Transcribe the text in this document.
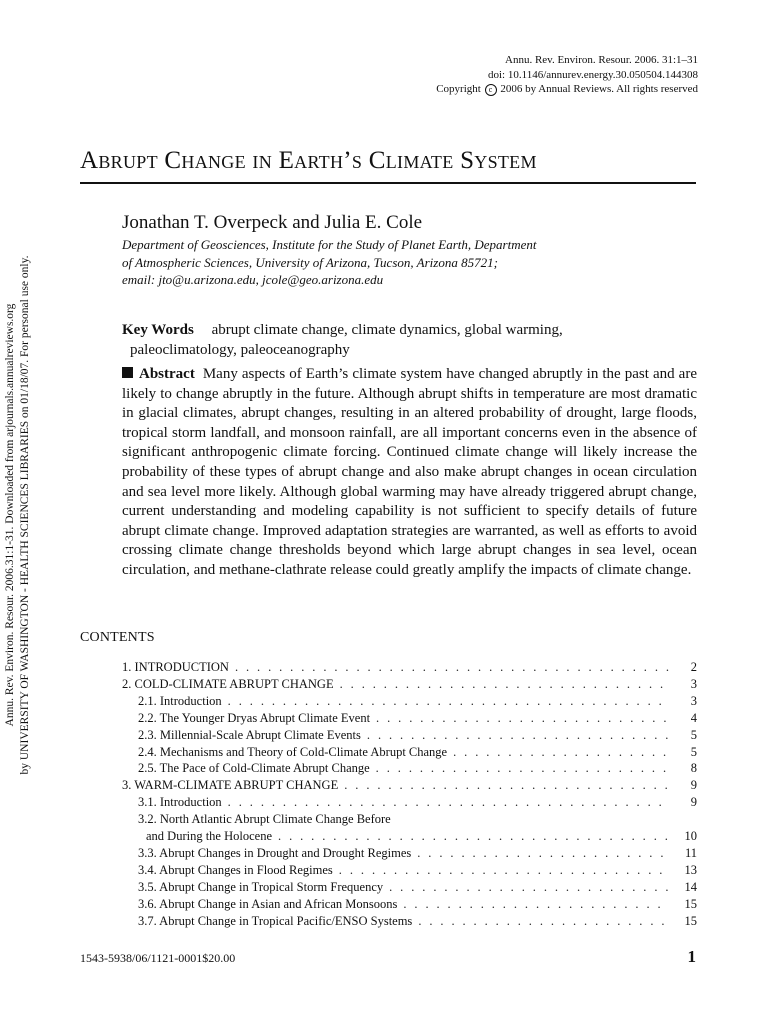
Annu. Rev. Environ. Resour. 2006. 31:1–31
doi: 10.1146/annurev.energy.30.050504.144308
Copyright c 2006 by Annual Reviews. All rights reserved
Abrupt Change in Earth’s Climate System
Jonathan T. Overpeck and Julia E. Cole
Department of Geosciences, Institute for the Study of Planet Earth, Department
of Atmospheric Sciences, University of Arizona, Tucson, Arizona 85721;
email: jto@u.arizona.edu, jcole@geo.arizona.edu
Key Words abrupt climate change, climate dynamics, global warming,
paleoclimatology, paleoceanography

Abstract Many aspects of Earth’s climate system have changed abruptly in the past and are likely to change abruptly in the future. Although abrupt shifts in temperature are most dramatic in glacial climates, abrupt changes, resulting in an altered probability of drought, large floods, tropical storm landfall, and monsoon rainfall, are all important concerns even in the absence of significant anthropogenic climate forcing. Continued climate change will likely increase the probability of these types of abrupt change and also make abrupt changes in ocean circulation and sea level more likely. Although global warming may have already triggered abrupt change, current understanding and modeling capability is not sufficient to specify details of future abrupt climate change. Improved adaptation strategies are warranted, as well as efforts to avoid crossing climate change thresholds beyond which large abrupt changes in sea level, ocean circulation, and methane-clathrate release could greatly amplify the impacts of climate change.

Annu. Rev. Environ. Resour. 2006.31:1-31. Downloaded from arjournals.annualreviews.org by UNIVERSITY OF WASHINGTON - HEALTH SCIENCES LIBRARIES on 01/18/07. For personal use only.	CONTENTS
1. INTRODUCTION . . .	2
2. COLD-CLIMATE ABRUPT CHANGE . . .	3
2.1. Introduction . . .	3
2.2. The Younger Dryas Abrupt Climate Event . . .	4
2.3. Millennial-Scale Abrupt Climate Events . . .	5
2.4. Mechanisms and Theory of Cold-Climate Abrupt Change . . .	5
2.5. The Pace of Cold-Climate Abrupt Change . . .	8
3. WARM-CLIMATE ABRUPT CHANGE . . .	9
3.1. Introduction . . .	9
3.2. North Atlantic Abrupt Climate Change Before
and During the Holocene . . .	10
3.3. Abrupt Changes in Drought and Drought Regimes . . .	11
3.4. Abrupt Changes in Flood Regimes . . .	13
3.5. Abrupt Change in Tropical Storm Frequency . . .	14
3.6. Abrupt Change in Asian and African Monsoons . . .	15
3.7. Abrupt Change in Tropical Pacific/ENSO Systems . . .	15
1543-5938/06/1121-0001$20.00	1
